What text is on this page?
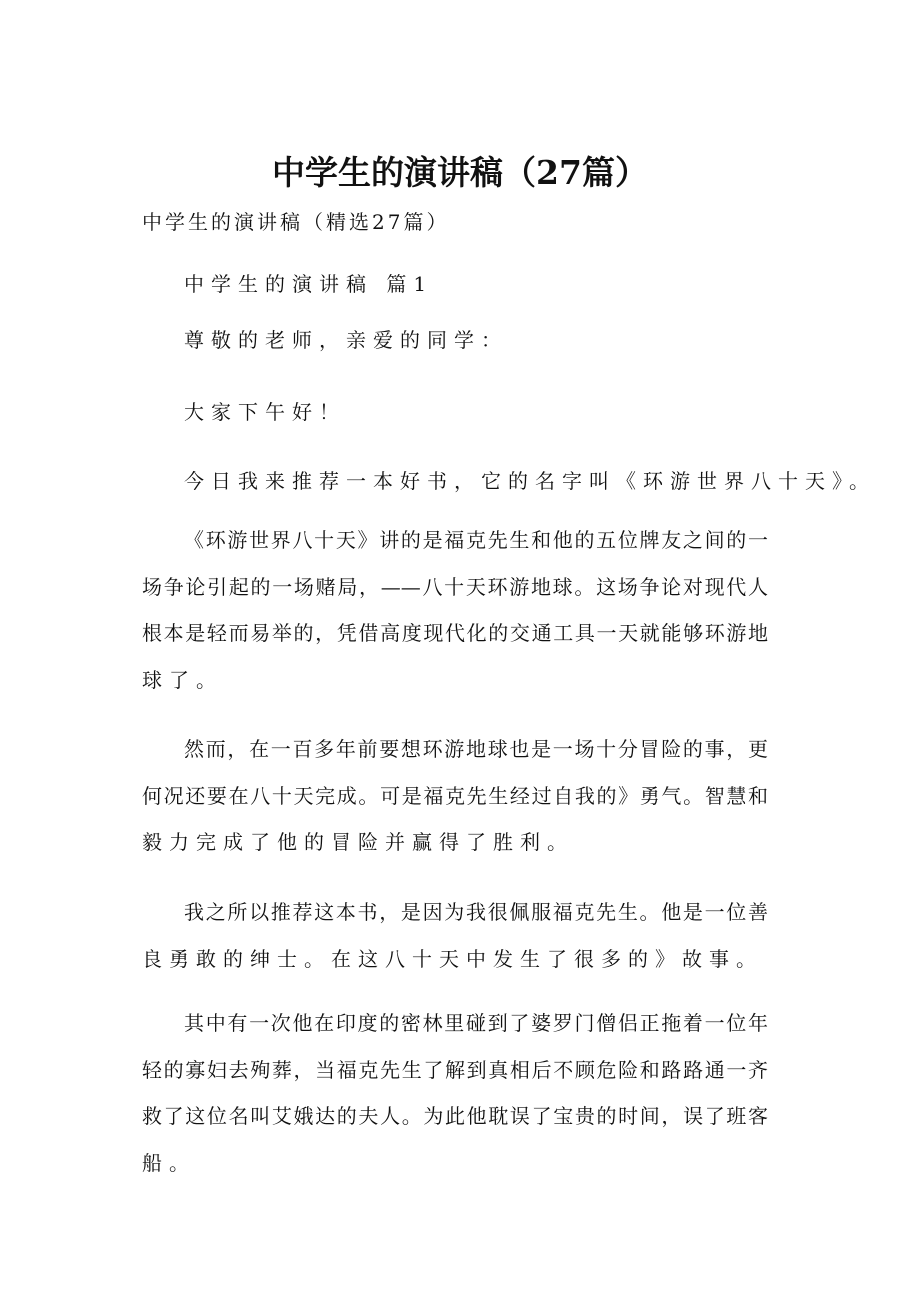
中学生的演讲稿（27篇）
中学生的演讲稿（精选27篇）
中学生的演讲稿 篇1
尊敬的老师，亲爱的同学：
大家下午好！
今日我来推荐一本好书，它的名字叫《环游世界八十天》。
《环游世界八十天》讲的是福克先生和他的五位牌友之间的一
场争论引起的一场赌局，——八十天环游地球。这场争论对现代人
根本是轻而易举的，凭借高度现代化的交通工具一天就能够环游地
球了。
然而，在一百多年前要想环游地球也是一场十分冒险的事，更
何况还要在八十天完成。可是福克先生经过自我的》勇气。智慧和
毅力完成了他的冒险并赢得了胜利。
我之所以推荐这本书，是因为我很佩服福克先生。他是一位善
良勇敢的绅士。在这八十天中发生了很多的》故事。
其中有一次他在印度的密林里碰到了婆罗门僧侣正拖着一位年
轻的寡妇去殉葬，当福克先生了解到真相后不顾危险和路路通一齐
救了这位名叫艾娥达的夫人。为此他耽误了宝贵的时间，误了班客
船。
